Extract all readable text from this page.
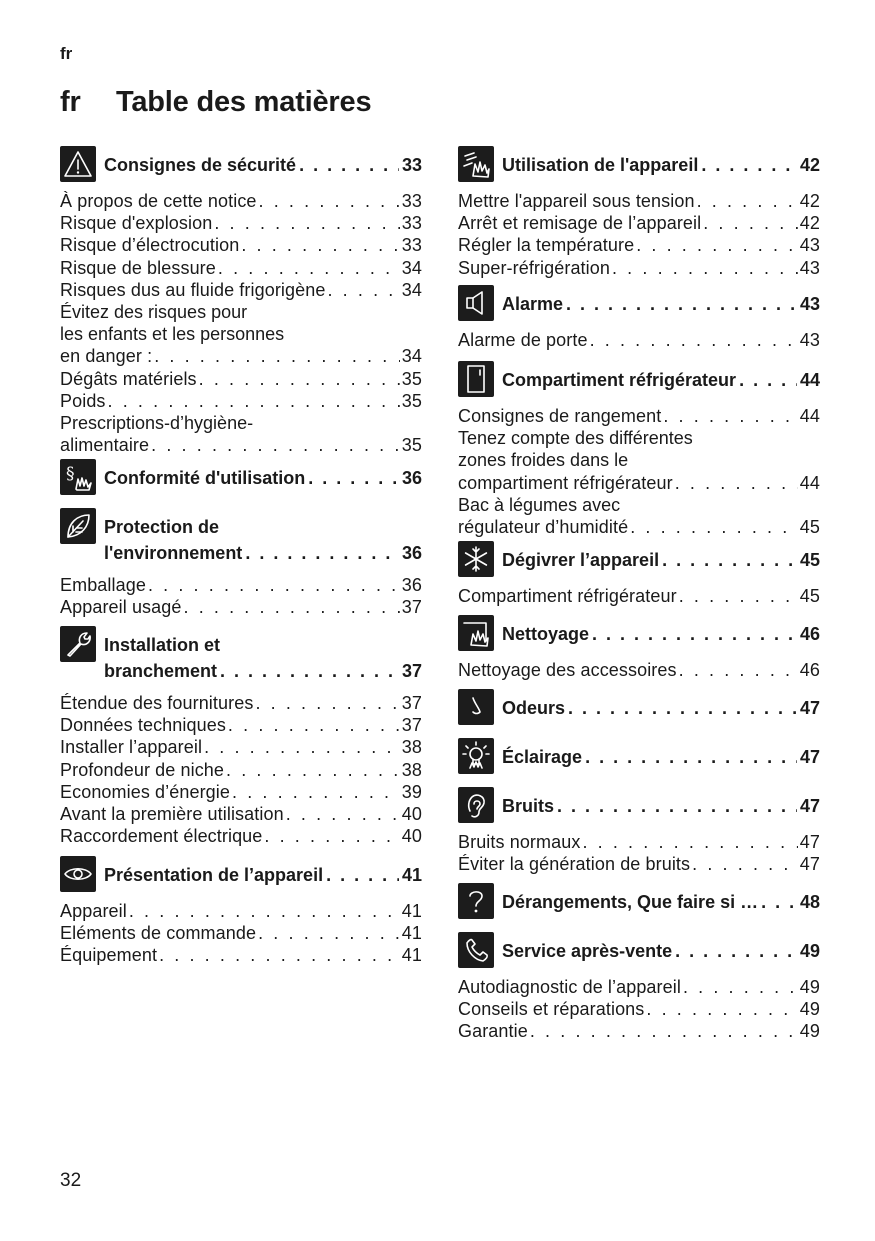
fr
fr Table des matières
Consignes de sécurité . . .	33
À propos de cette notice . . .	33
Risque d'explosion . . .	33
Risque d’électrocution . . .	33
Risque de blessure . . .	34
Risques dus au fluide frigorigène . . .	34
Évitez des risques pour
les enfants et les personnes
en danger : . . .	34
Dégâts matériels . . .	35
Poids . . .	35
Prescriptions-d’hygiène-
alimentaire . . .	35
§ Conformité d'utilisation . . .	36
Protection de
l'environnement . . .	36
Emballage . . .	36
Appareil usagé . . .	37
Installation et
branchement . . .	37
Étendue des fournitures . . .	37
Données techniques . . .	37
Installer l’appareil . . .	38
Profondeur de niche . . .	38
Economies d’énergie . . .	39
Avant la première utilisation . . .	40
Raccordement électrique . . .	40
Présentation de l’appareil . . .	41
Appareil . . .	41
Eléments de commande . . .	41
Équipement . . .	41
Utilisation de l'appareil . . .	42
Mettre l'appareil sous tension . . .	42
Arrêt et remisage de l’appareil . . .	42
Régler la température . . .	43
Super-réfrigération . . .	43
Alarme . . .	43
Alarme de porte . . .	43
Compartiment réfrigérateur . . .	44
Consignes de rangement . . .	44
Tenez compte des différentes
zones froides dans le
compartiment réfrigérateur . . .	44
Bac à légumes avec
régulateur d’humidité . . .	45
Dégivrer l’appareil . . .	45
Compartiment réfrigérateur . . .	45
Nettoyage . . .	46
Nettoyage des accessoires . . .	46
Odeurs . . .	47
Éclairage . . .	47
Bruits . . .	47
Bruits normaux . . .	47
Éviter la génération de bruits . . .	47
Dérangements, Que faire si … . . . 48
Service après-vente . . .	49
Autodiagnostic de l’appareil . . .	49
Conseils et réparations . . .	49
Garantie . . .	49
32
